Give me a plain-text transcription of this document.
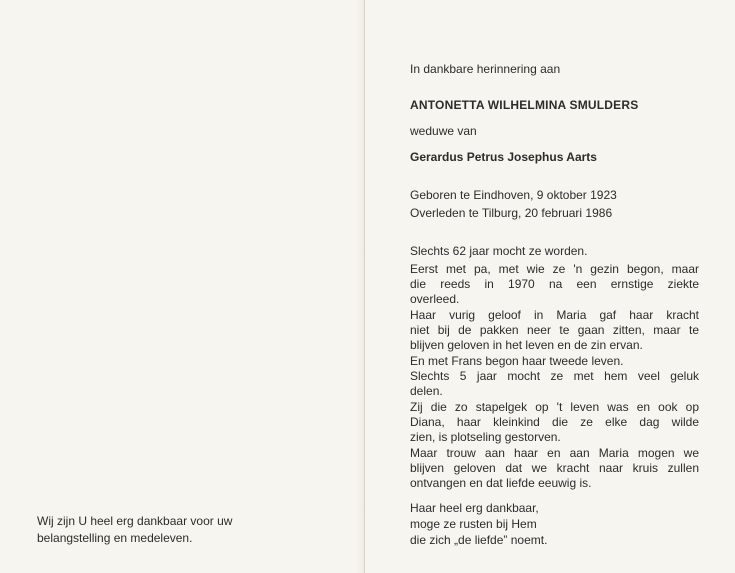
Wij zijn U heel erg dankbaar voor uw
belangstelling en medeleven.
In dankbare herinnering aan
ANTONETTA WILHELMINA SMULDERS
weduwe van
Gerardus Petrus Josephus Aarts
Geboren te Eindhoven, 9 oktober 1923
Overleden te Tilburg, 20 februari 1986
Slechts 62 jaar mocht ze worden.
Eerst met pa, met wie ze 'n gezin begon, maar
die reeds in 1970 na een ernstige ziekte
overleed.
Haar vurig geloof in Maria gaf haar kracht
niet bij de pakken neer te gaan zitten, maar te
blijven geloven in het leven en de zin ervan.
En met Frans begon haar tweede leven.
Slechts 5 jaar mocht ze met hem veel geluk
delen.
Zij die zo stapelgek op 't leven was en ook op
Diana, haar kleinkind die ze elke dag wilde
zien, is plotseling gestorven.
Maar trouw aan haar en aan Maria mogen we
blijven geloven dat we kracht naar kruis zullen
ontvangen en dat liefde eeuwig is.
Haar heel erg dankbaar,
moge ze rusten bij Hem
die zich „de liefde” noemt.
